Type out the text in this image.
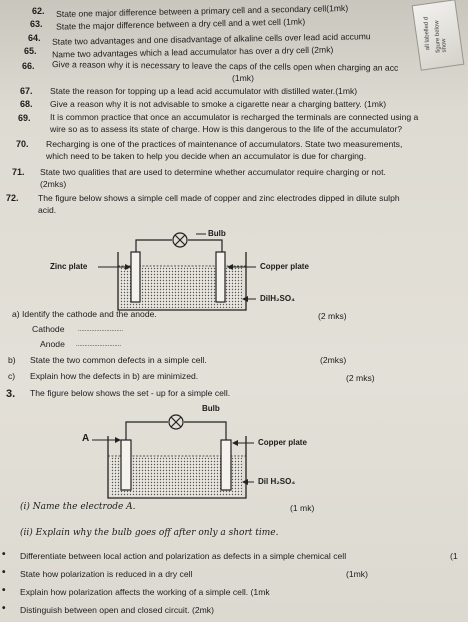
all labelled d figure below show
62. State one major difference between a primary cell and a secondary cell(1mk)
63. State the major difference between a dry cell and a wet cell (1mk)
64. State two advantages and one disadvantage of alkaline cells over lead acid accumu
65. Name two advantages which a lead accumulator has over a dry cell (2mk)
66. Give a reason why it is necessary to leave the caps of the cells open when charging an acc
(1mk)
67. State the reason for topping up a lead acid accumulator with distilled water.(1mk)
68. Give a reason why it is not advisable to smoke a cigarette near a charging battery. (1mk)
69. It is common practice that once an accumulator is recharged the terminals are connected using a
wire so as to assess its state of charge. How is this dangerous to the life of the accumulator?
70. Recharging is one of the practices of maintenance of accumulators. State two measurements,
which need to be taken to help you decide when an accumulator is due for charging.
71. State two qualities that are used to determine whether accumulator require charging or not.
(2mks)
72. The figure below shows a simple cell made of copper and zinc electrodes dipped in dilute sulph
acid.
Bulb
Zinc plate	Copper plate
DilH₂SO₄
a) Identify the cathode and the anode.	(2 mks)
Cathode ...........................
Anode ...........................
b) State the two common defects in a simple cell.	(2mks)
c) Explain how the defects in b) are minimized.	(2 mks)
3. The figure below shows the set - up for a simple cell.
Bulb
A	Copper plate
Dil H₂SO₄
(i) Name the electrode A.	(1 mk)
(ii) Explain why the bulb goes off after only a short time.
• Differentiate between local action and polarization as defects in a simple chemical cell	(1
• State how polarization is reduced in a dry cell	(1mk)
• Explain how polarization affects the working of a simple cell. (1mk
• Distinguish between open and closed circuit. (2mk)
